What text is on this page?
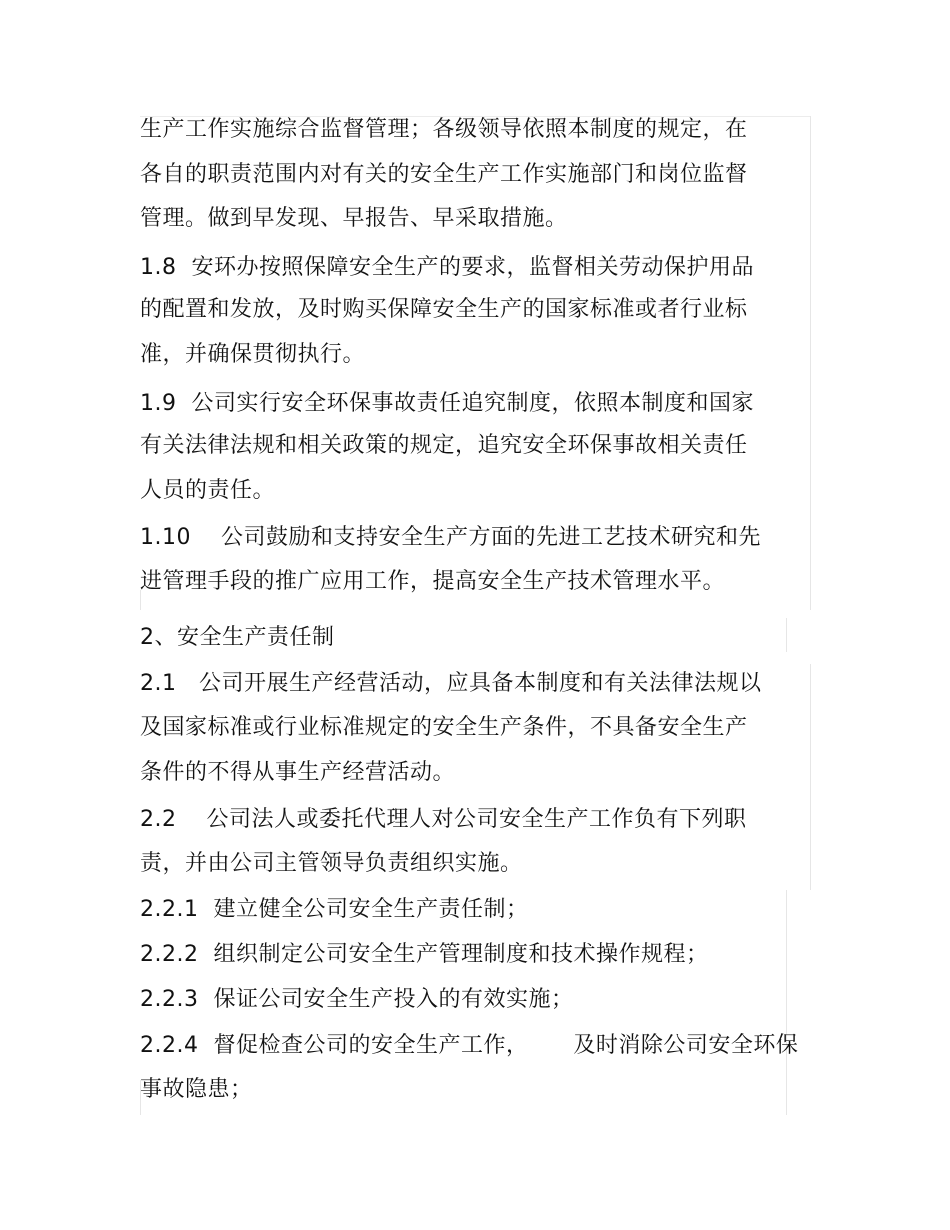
生产工作实施综合监督管理；各级领导依照本制度的规定，在
各自的职责范围内对有关的安全生产工作实施部门和岗位监督
管理。做到早发现、早报告、早采取措施。
1.8  安环办按照保障安全生产的要求，监督相关劳动保护用品
的配置和发放，及时购买保障安全生产的国家标准或者行业标
准，并确保贯彻执行。
1.9  公司实行安全环保事故责任追究制度，依照本制度和国家
有关法律法规和相关政策的规定，追究安全环保事故相关责任
人员的责任。
1.10    公司鼓励和支持安全生产方面的先进工艺技术研究和先
进管理手段的推广应用工作，提高安全生产技术管理水平。
2、安全生产责任制
2.1   公司开展生产经营活动，应具备本制度和有关法律法规以
及国家标准或行业标准规定的安全生产条件，不具备安全生产
条件的不得从事生产经营活动。
2.2    公司法人或委托代理人对公司安全生产工作负有下列职
责，并由公司主管领导负责组织实施。
2.2.1  建立健全公司安全生产责任制；
2.2.2  组织制定公司安全生产管理制度和技术操作规程；
2.2.3  保证公司安全生产投入的有效实施；
2.2.4  督促检查公司的安全生产工作，      及时消除公司安全环保
事故隐患；
